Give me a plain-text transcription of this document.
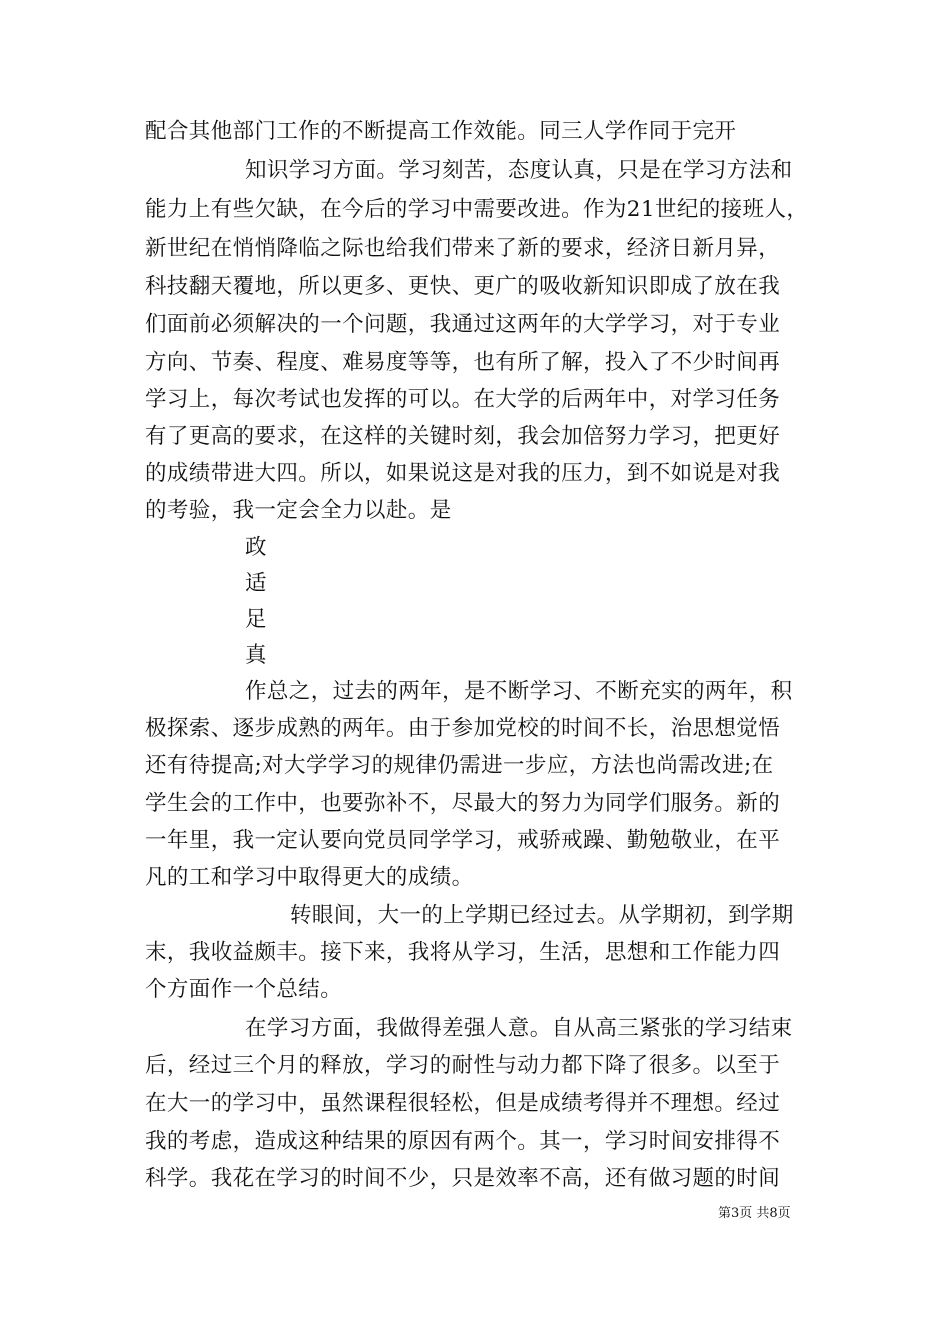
配合其他部门工作的不断提高工作效能。同三人学作同于完开
知识学习方面。学习刻苦，态度认真，只是在学习方法和
能力上有些欠缺，在今后的学习中需要改进。作为21世纪的接班人，
新世纪在悄悄降临之际也给我们带来了新的要求，经济日新月异，
科技翻天覆地，所以更多、更快、更广的吸收新知识即成了放在我
们面前必须解决的一个问题，我通过这两年的大学学习，对于专业
方向、节奏、程度、难易度等等，也有所了解，投入了不少时间再
学习上，每次考试也发挥的可以。在大学的后两年中，对学习任务
有了更高的要求，在这样的关键时刻，我会加倍努力学习，把更好
的成绩带进大四。所以，如果说这是对我的压力，到不如说是对我
的考验，我一定会全力以赴。是
政
适
足
真
作总之，过去的两年，是不断学习、不断充实的两年，积
极探索、逐步成熟的两年。由于参加党校的时间不长，治思想觉悟
还有待提高;对大学学习的规律仍需进一步应，方法也尚需改进;在
学生会的工作中，也要弥补不，尽最大的努力为同学们服务。新的
一年里，我一定认要向党员同学学习，戒骄戒躁、勤勉敬业，在平
凡的工和学习中取得更大的成绩。
转眼间，大一的上学期已经过去。从学期初，到学期
末，我收益颇丰。接下来，我将从学习，生活，思想和工作能力四
个方面作一个总结。
在学习方面，我做得差强人意。自从高三紧张的学习结束
后，经过三个月的释放，学习的耐性与动力都下降了很多。以至于
在大一的学习中，虽然课程很轻松，但是成绩考得并不理想。经过
我的考虑，造成这种结果的原因有两个。其一，学习时间安排得不
科学。我花在学习的时间不少，只是效率不高，还有做习题的时间
第3页 共8页
